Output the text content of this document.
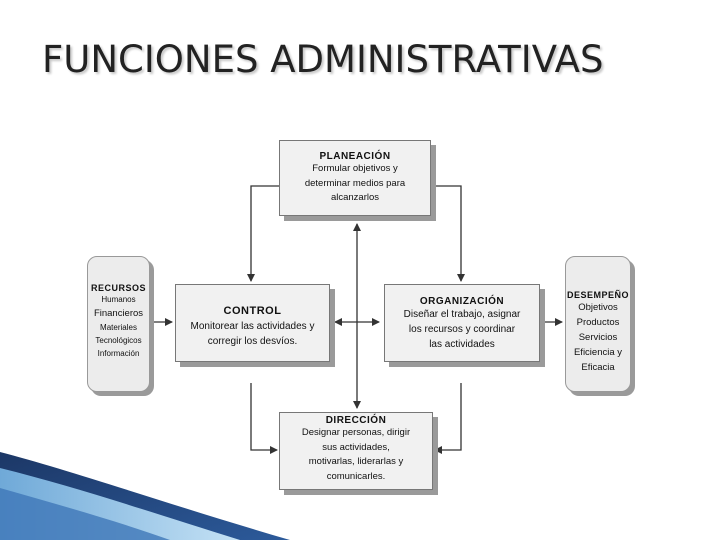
FUNCIONES ADMINISTRATIVAS
PLANEACIÓN
Formular objetivos y
determinar medios para
alcanzarlos
CONTROL
Monitorear las actividades y
corregir los desvíos.
ORGANIZACIÓN
Diseñar el trabajo, asignar
los recursos y coordinar
las actividades
DIRECCIÓN
Designar personas, dirigir
sus actividades,
motivarlas, liderarlas y
comunicarles.
RECURSOS
Humanos
Financieros
Materiales
Tecnológicos
Información
DESEMPEÑO
Objetivos
Productos
Servicios
Eficiencia y
Eficacia
